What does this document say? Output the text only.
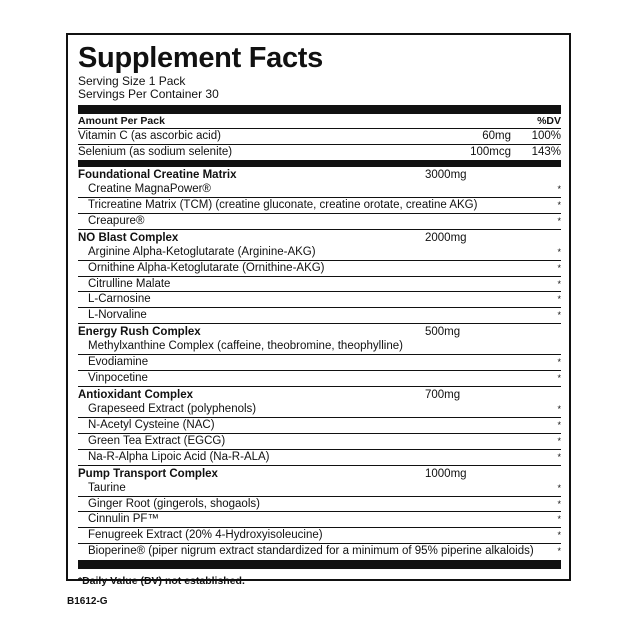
Supplement Facts
Serving Size 1 Pack
Servings Per Container 30
Amount Per Pack	%DV
Vitamin C (as ascorbic acid)	60mg	100%
Selenium (as sodium selenite)	100mcg	143%
Foundational Creatine Matrix	3000mg
Creatine MagnaPower®	*
Tricreatine Matrix (TCM) (creatine gluconate, creatine orotate, creatine AKG)	*
Creapure®	*
NO Blast Complex	2000mg
Arginine Alpha-Ketoglutarate (Arginine-AKG)	*
Ornithine Alpha-Ketoglutarate (Ornithine-AKG)	*
Citrulline Malate	*
L-Carnosine	*
L-Norvaline	*
Energy Rush Complex	500mg
Methylxanthine Complex (caffeine, theobromine, theophylline)
Evodiamine	*
Vinpocetine	*
Antioxidant Complex	700mg
Grapeseed Extract (polyphenols)	*
N-Acetyl Cysteine (NAC)	*
Green Tea Extract (EGCG)	*
Na-R-Alpha Lipoic Acid (Na-R-ALA)	*
Pump Transport Complex	1000mg
Taurine	*
Ginger Root (gingerols, shogaols)	*
Cinnulin PF™	*
Fenugreek Extract (20% 4-Hydroxyisoleucine)	*
Bioperine® (piper nigrum extract standardized for a minimum of 95% piperine alkaloids)	*
*Daily Value (DV) not established.
B1612-G
